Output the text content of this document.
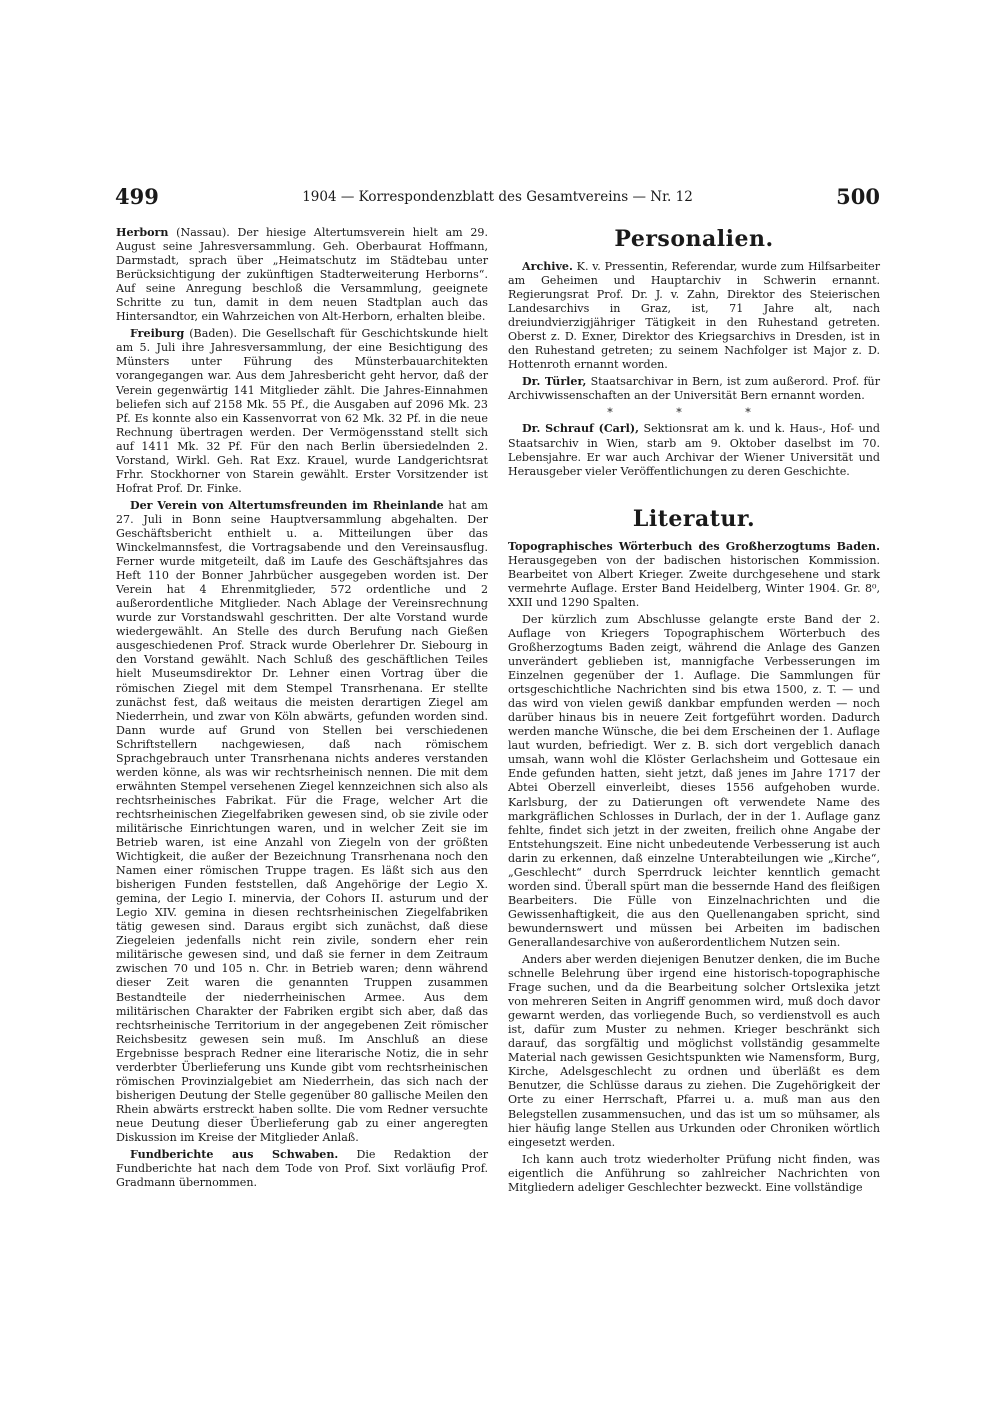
499	1904 — Korrespondenzblatt des Gesamtvereins — Nr. 12	500

Herborn (Nassau). Der hiesige Altertumsverein hielt am 29. August seine Jahresversammlung. Geh. Oberbaurat Hoffmann, Darmstadt, sprach über „Heimatschutz im Städtebau unter Berücksichtigung der zukünftigen Stadterweiterung Herborns“. Auf seine Anregung beschloß die Versammlung, geeignete Schritte zu tun, damit in dem neuen Stadtplan auch das Hintersandtor, ein Wahrzeichen von Alt-Herborn, erhalten bleibe.

Freiburg (Baden). Die Gesellschaft für Geschichtskunde hielt am 5. Juli ihre Jahresversammlung, der eine Besichtigung des Münsters unter Führung des Münsterbauarchitekten vorangegangen war. Aus dem Jahresbericht geht hervor, daß der Verein gegenwärtig 141 Mitglieder zählt. Die Jahres-Einnahmen beliefen sich auf 2158 Mk. 55 Pf., die Ausgaben auf 2096 Mk. 23 Pf. Es konnte also ein Kassenvorrat von 62 Mk. 32 Pf. in die neue Rechnung übertragen werden. Der Vermögensstand stellt sich auf 1411 Mk. 32 Pf. Für den nach Berlin übersiedelnden 2. Vorstand, Wirkl. Geh. Rat Exz. Krauel, wurde Landgerichtsrat Frhr. Stockhorner von Starein gewählt. Erster Vorsitzender ist Hofrat Prof. Dr. Finke.

Der Verein von Altertumsfreunden im Rheinlande hat am 27. Juli in Bonn seine Hauptversammlung abgehalten. Der Geschäftsbericht enthielt u. a. Mitteilungen über das Winckelmannsfest, die Vortragsabende und den Vereinsausflug. Ferner wurde mitgeteilt, daß im Laufe des Geschäftsjahres das Heft 110 der Bonner Jahrbücher ausgegeben worden ist. Der Verein hat 4 Ehrenmitglieder, 572 ordentliche und 2 außerordentliche Mitglieder. Nach Ablage der Vereinsrechnung wurde zur Vorstandswahl geschritten. Der alte Vorstand wurde wiedergewählt. An Stelle des durch Berufung nach Gießen ausgeschiedenen Prof. Strack wurde Oberlehrer Dr. Siebourg in den Vorstand gewählt. Nach Schluß des geschäftlichen Teiles hielt Museumsdirektor Dr. Lehner einen Vortrag über die römischen Ziegel mit dem Stempel Transrhenana. Er stellte zunächst fest, daß weitaus die meisten derartigen Ziegel am Niederrhein, und zwar von Köln abwärts, gefunden worden sind. Dann wurde auf Grund von Stellen bei verschiedenen Schriftstellern nachgewiesen, daß nach römischem Sprachgebrauch unter Transrhenana nichts anderes verstanden werden könne, als was wir rechtsrheinisch nennen. Die mit dem erwähnten Stempel versehenen Ziegel kennzeichnen sich also als rechtsrheinisches Fabrikat. Für die Frage, welcher Art die rechtsrheinischen Ziegelfabriken gewesen sind, ob sie zivile oder militärische Einrichtungen waren, und in welcher Zeit sie im Betrieb waren, ist eine Anzahl von Ziegeln von der größten Wichtigkeit, die außer der Bezeichnung Transrhenana noch den Namen einer römischen Truppe tragen. Es läßt sich aus den bisherigen Funden feststellen, daß Angehörige der Legio X. gemina, der Legio I. minervia, der Cohors II. asturum und der Legio XIV. gemina in diesen rechtsrheinischen Ziegelfabriken tätig gewesen sind. Daraus ergibt sich zunächst, daß diese Ziegeleien jedenfalls nicht rein zivile, sondern eher rein militärische gewesen sind, und daß sie ferner in dem Zeitraum zwischen 70 und 105 n. Chr. in Betrieb waren; denn während dieser Zeit waren die genannten Truppen zusammen Bestandteile der niederrheinischen Armee. Aus dem militärischen Charakter der Fabriken ergibt sich aber, daß das rechtsrheinische Territorium in der angegebenen Zeit römischer Reichsbesitz gewesen sein muß. Im Anschluß an diese Ergebnisse besprach Redner eine literarische Notiz, die in sehr verderbter Überlieferung uns Kunde gibt vom rechtsrheinischen römischen Provinzialgebiet am Niederrhein, das sich nach der bisherigen Deutung der Stelle gegenüber 80 gallische Meilen den Rhein abwärts erstreckt haben sollte. Die vom Redner versuchte neue Deutung dieser Überlieferung gab zu einer angeregten Diskussion im Kreise der Mitglieder Anlaß.

Fundberichte aus Schwaben. Die Redaktion der Fundberichte hat nach dem Tode von Prof. Sixt vorläufig Prof. Gradmann übernommen.

Personalien.

Archive. K. v. Pressentin, Referendar, wurde zum Hilfsarbeiter am Geheimen und Hauptarchiv in Schwerin ernannt. Regierungsrat Prof. Dr. J. v. Zahn, Direktor des Steierischen Landesarchivs in Graz, ist, 71 Jahre alt, nach dreiundvierzigjähriger Tätigkeit in den Ruhestand getreten. Oberst z. D. Exner, Direktor des Kriegsarchivs in Dresden, ist in den Ruhestand getreten; zu seinem Nachfolger ist Major z. D. Hottenroth ernannt worden.

Dr. Türler, Staatsarchivar in Bern, ist zum außerord. Prof. für Archivwissenschaften an der Universität Bern ernannt worden.

* * *

Dr. Schrauf (Carl), Sektionsrat am k. und k. Haus-, Hof- und Staatsarchiv in Wien, starb am 9. Oktober daselbst im 70. Lebensjahre. Er war auch Archivar der Wiener Universität und Herausgeber vieler Veröffentlichungen zu deren Geschichte.

Literatur.

Topographisches Wörterbuch des Großherzogtums Baden. Herausgegeben von der badischen historischen Kommission. Bearbeitet von Albert Krieger. Zweite durchgesehene und stark vermehrte Auflage. Erster Band Heidelberg, Winter 1904. Gr. 8⁰, XXII und 1290 Spalten.

Der kürzlich zum Abschlusse gelangte erste Band der 2. Auflage von Kriegers Topographischem Wörterbuch des Großherzogtums Baden zeigt, während die Anlage des Ganzen unverändert geblieben ist, mannigfache Verbesserungen im Einzelnen gegenüber der 1. Auflage. Die Sammlungen für ortsgeschichtliche Nachrichten sind bis etwa 1500, z. T. — und das wird von vielen gewiß dankbar empfunden werden — noch darüber hinaus bis in neuere Zeit fortgeführt worden. Dadurch werden manche Wünsche, die bei dem Erscheinen der 1. Auflage laut wurden, befriedigt. Wer z. B. sich dort vergeblich danach umsah, wann wohl die Klöster Gerlachsheim und Gottesaue ein Ende gefunden hatten, sieht jetzt, daß jenes im Jahre 1717 der Abtei Oberzell einverleibt, dieses 1556 aufgehoben wurde. Karlsburg, der zu Datierungen oft verwendete Name des markgräflichen Schlosses in Durlach, der in der 1. Auflage ganz fehlte, findet sich jetzt in der zweiten, freilich ohne Angabe der Entstehungszeit. Eine nicht unbedeutende Verbesserung ist auch darin zu erkennen, daß einzelne Unterabteilungen wie „Kirche“, „Geschlecht“ durch Sperrdruck leichter kenntlich gemacht worden sind. Überall spürt man die bessernde Hand des fleißigen Bearbeiters. Die Fülle von Einzelnachrichten und die Gewissenhaftigkeit, die aus den Quellenangaben spricht, sind bewundernswert und müssen bei Arbeiten im badischen Generallandesarchive von außerordentlichem Nutzen sein.

Anders aber werden diejenigen Benutzer denken, die im Buche schnelle Belehrung über irgend eine historisch-topographische Frage suchen, und da die Bearbeitung solcher Ortslexika jetzt von mehreren Seiten in Angriff genommen wird, muß doch davor gewarnt werden, das vorliegende Buch, so verdienstvoll es auch ist, dafür zum Muster zu nehmen. Krieger beschränkt sich darauf, das sorgfältig und möglichst vollständig gesammelte Material nach gewissen Gesichtspunkten wie Namensform, Burg, Kirche, Adelsgeschlecht zu ordnen und überläßt es dem Benutzer, die Schlüsse daraus zu ziehen. Die Zugehörigkeit der Orte zu einer Herrschaft, Pfarrei u. a. muß man aus den Belegstellen zusammensuchen, und das ist um so mühsamer, als hier häufig lange Stellen aus Urkunden oder Chroniken wörtlich eingesetzt werden.

Ich kann auch trotz wiederholter Prüfung nicht finden, was eigentlich die Anführung so zahlreicher Nachrichten von Mitgliedern adeliger Geschlechter bezweckt. Eine vollständige
